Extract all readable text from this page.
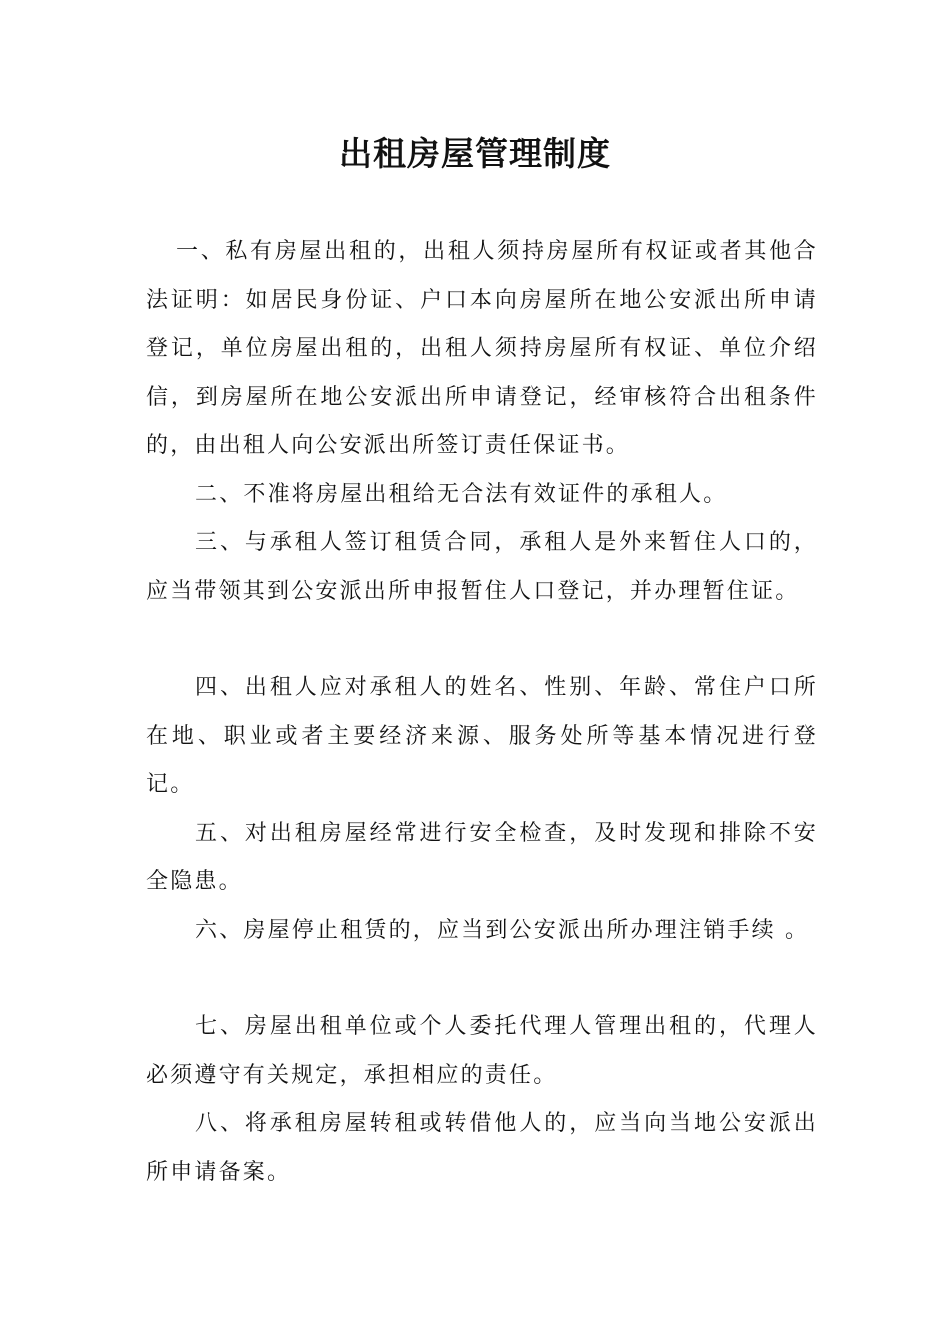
出租房屋管理制度

一、私有房屋出租的，出租人须持房屋所有权证或者其他合法证明：如居民身份证、户口本向房屋所在地公安派出所申请登记，单位房屋出租的，出租人须持房屋所有权证、单位介绍信，到房屋所在地公安派出所申请登记，经审核符合出租条件的，由出租人向公安派出所签订责任保证书。

二、不准将房屋出租给无合法有效证件的承租人。

三、与承租人签订租赁合同，承租人是外来暂住人口的，应当带领其到公安派出所申报暂住人口登记，并办理暂住证。

四、出租人应对承租人的姓名、性别、年龄、常住户口所在地、职业或者主要经济来源、服务处所等基本情况进行登记。

五、对出租房屋经常进行安全检查，及时发现和排除不安全隐患。

六、房屋停止租赁的，应当到公安派出所办理注销手续 。

七、房屋出租单位或个人委托代理人管理出租的，代理人必须遵守有关规定，承担相应的责任。

八、将承租房屋转租或转借他人的，应当向当地公安派出所申请备案。
